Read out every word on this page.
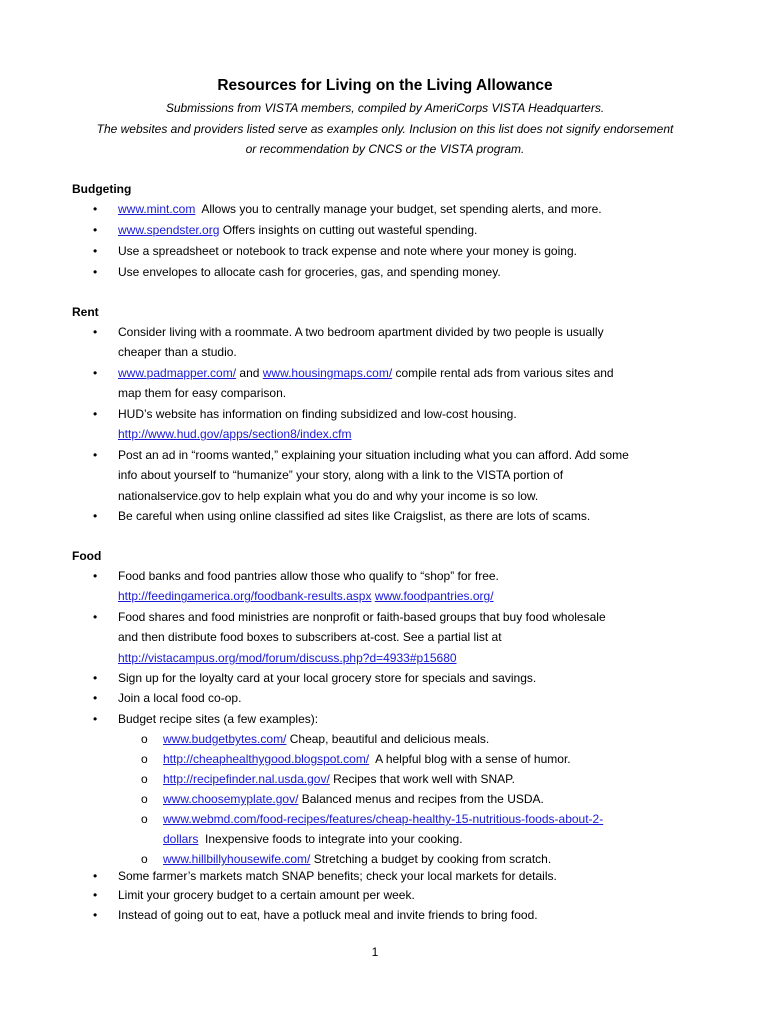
Resources for Living on the Living Allowance
Submissions from VISTA members, compiled by AmeriCorps VISTA Headquarters.
The websites and providers listed serve as examples only. Inclusion on this list does not signify endorsement
or recommendation by CNCS or the VISTA program.
Budgeting
• www.mint.com  Allows you to centrally manage your budget, set spending alerts, and more.
• www.spendster.org Offers insights on cutting out wasteful spending.
• Use a spreadsheet or notebook to track expense and note where your money is going.
• Use envelopes to allocate cash for groceries, gas, and spending money.
Rent
• Consider living with a roommate. A two bedroom apartment divided by two people is usually
cheaper than a studio.
• www.padmapper.com/ and www.housingmaps.com/ compile rental ads from various sites and
map them for easy comparison.
• HUD’s website has information on finding subsidized and low-cost housing.
http://www.hud.gov/apps/section8/index.cfm
• Post an ad in “rooms wanted,” explaining your situation including what you can afford. Add some
info about yourself to “humanize” your story, along with a link to the VISTA portion of
nationalservice.gov to help explain what you do and why your income is so low.
• Be careful when using online classified ad sites like Craigslist, as there are lots of scams.
Food
• Food banks and food pantries allow those who qualify to “shop” for free.
http://feedingamerica.org/foodbank-results.aspx www.foodpantries.org/
• Food shares and food ministries are nonprofit or faith-based groups that buy food wholesale
and then distribute food boxes to subscribers at-cost. See a partial list at
http://vistacampus.org/mod/forum/discuss.php?d=4933#p15680
• Sign up for the loyalty card at your local grocery store for specials and savings.
• Join a local food co-op.
• Budget recipe sites (a few examples):
o www.budgetbytes.com/ Cheap, beautiful and delicious meals.
o http://cheaphealthygood.blogspot.com/  A helpful blog with a sense of humor.
o http://recipefinder.nal.usda.gov/ Recipes that work well with SNAP.
o www.choosemyplate.gov/ Balanced menus and recipes from the USDA.
o www.webmd.com/food-recipes/features/cheap-healthy-15-nutritious-foods-about-2-
dollars  Inexpensive foods to integrate into your cooking.
o www.hillbillyhousewife.com/ Stretching a budget by cooking from scratch.
• Some farmer’s markets match SNAP benefits; check your local markets for details.
• Limit your grocery budget to a certain amount per week.
• Instead of going out to eat, have a potluck meal and invite friends to bring food.
1
